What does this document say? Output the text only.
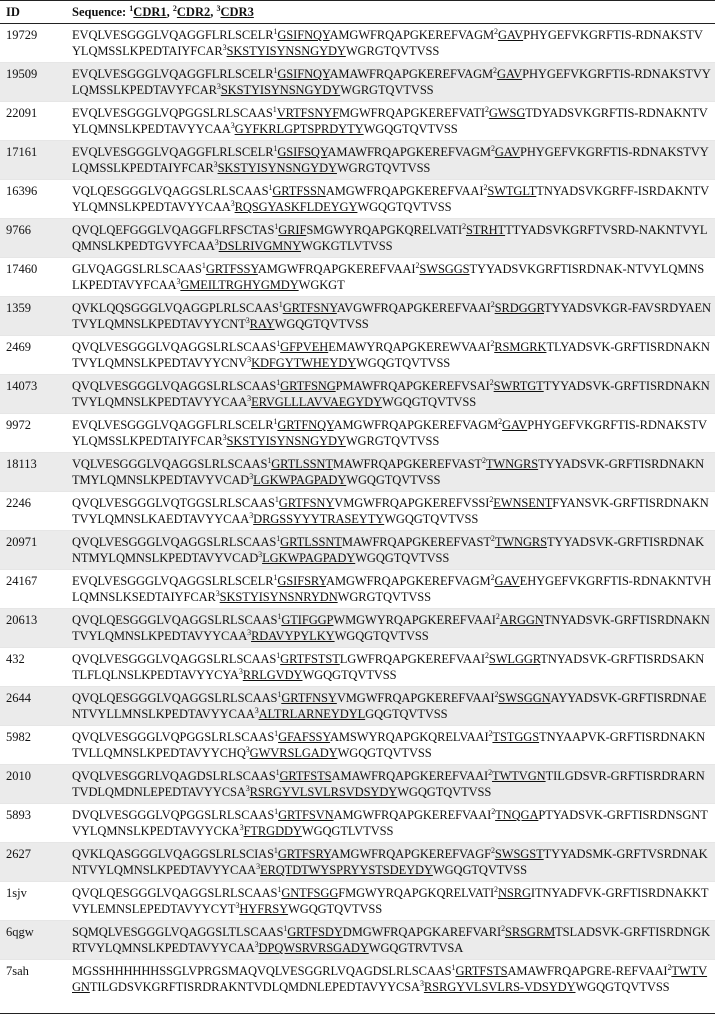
ID	Sequence: $^1$CDR1, $^2$CDR2, $^3$CDR3
19729	EVQLVESGGGLVQAGGFLRLSCELR$^1$GSIFNQYAMGWFRQAPGKEREFVAGM$^2$GAVPHYGEFVKGRFTIS-RDNAKSTVYLQMSSLKPEDTAIYFCAR$^3$SKSTYISYNSNGYDYWGRGTQVTVSS
19509	EVQLVESGGGLVQAGGFLRLSCELR$^1$GSIFNQYAMAWFRQAPGKEREFVAGM$^2$GAVPHYGEFVKGRFTIS-RDNAKSTVYLQMSSLKPEDTAVYFCAR$^3$SKSTYISYNSNGYDYWGRGTQVTVSS
22091	EVQLVESGGGLVQPGGSLRLSCAAS$^1$VRTFSNYFMGWFRQAPGKEREFVATI$^2$GWSGTDYADSVKGRFTIS-RDNAKNTVYLQMNSLKPEDTAVYYCAA$^3$GYFKRLGPTSPRDYTYWGQGTQVTVSS
17161	EVQLVESGGGLVQAGGFLRLSCELR$^1$GSIFSQYAMAWFRQAPGKEREFVAGM$^2$GAVPHYGEFVKGRFTIS-RDNAKSTVYLQMSSLKPEDTAIYFCAR$^3$SKSTYISYNSNGYDYWGRGTQVTVSS
16396	VQLQESGGGLVQAGGSLRLSCAAS$^1$GRTFSSNAMGWFRQAPGKEREFVAAI$^2$SWTGLTTNYADSVKGRFF-ISRDAKNTVYLQMNSLKPEDTAVYYCAA$^3$RQSGYASKFLDEYGYWGQGTQVTVSS
9766	QVQLQEFGGGLVQAGGFLRFSCTAS$^1$GRIFSMGWYRQAPGKQRELVATI$^2$STRHTTTYADSVKGRFTVSRD-NAKNTVYLQMNSLKPEDTGVYFCAA$^3$DSLRIVGMNYWGKGTLVTVSS
17460	GLVQAGGSLRLSCAAS$^1$GRTFSSYAMGWFRQAPGKEREFVAAI$^2$SWSGGSTYYADSVKGRFTISRDNAK-NTVYLQMNSLKPEDTAVYFCAA$^3$GMEILTRGHYGMDYWGKGT
1359	QVKLQQSGGGLVQAGGPLRLSCAAS$^1$GRTFSNYAVGWFRQAPGKEREFVAAI$^2$SRDGGRTYYADSVKGR-FAVSRDYAENTVYLQMNSLKPEDTAVYYCNT$^3$RAYWGQGTQVTVSS
2469	QVQLVESGGGLVQAGGSLRLSCAAS$^1$GFPVEHEMAWYRQAPGKEREWVAAI$^2$RSMGRKTLYADSVK-GRFTISRDNAKNTVYLQMNSLKPEDTAVYYCNV$^3$KDFGYTWHEYDYWGQGTQVTVSS
14073	QVQLVESGGGLVQAGGSLRLSCAAS$^1$GRTFSNGPMAWFRQAPGKEREFVSAI$^2$SWRTGTTYYADSVK-GRFTISRDNAKNTVYLQMNSLKPEDTAVYYCAA$^3$ERVGLLLAVVAEGYDYWGQGTQVTVSS
9972	EVQLVESGGGLVQAGGFLRLSCELR$^1$GRTFNQYAMGWFRQAPGKEREFVAGM$^2$GAVPHYGEFVKGRFTIS-RDNAKSTVYLQMSSLKPEDTAIYFCAR$^3$SKSTYISYNSNGYDYWGRGTQVTVSS
18113	VQLVESGGGLVQAGGSLRLSCAAS$^1$GRTLSSNTMAWFRQAPGKEREFVAST$^2$TWNGRSTYYADSVK-GRFTISRDNAKNTMYLQMNSLKPEDTAVYVCAD$^3$LGKWPAGPADYWGQGTQVTVSS
2246	QVQLVESGGGLVQTGGSLRLSCAAS$^1$GRTFSNYVMGWFRQAPGKEREFVSSI$^2$EWNSENTFYANSVK-GRFTISRDNAKNTVYLQMNSLKAEDTAVYYCAA$^3$DRGSSYYYTRASEYTYWGQGTQVTVSS
20971	QVQLVESGGGLVQAGGSLRLSCAAS$^1$GRTLSSNTMAWFRQAPGKEREFVAST$^2$TWNGRSTYYADSVK-GRFTISRDNAKNTMYLQMNSLKPEDTAVYVCAD$^3$LGKWPAGPADYWGQGTQVTVSS
24167	EVQLVESGGGLVQAGGSLRLSCELR$^1$GSIFSRYAMGWFRQAPGKEREFVAGM$^2$GAVEHYGEFVKGRFTIS-RDNAKNTVHLQMNSLKSEDTAIYFCAR$^3$SKSTYISYNSNRYDNWGRGTQVTVSS
20613	QVQLQESGGGLVQAGGSLRLSCAAS$^1$GTIFGGPWMGWYRQAPGKEREFVAAI$^2$ARGGNTNYADSVK-GRFTISRDNAKNTVYLQMNSLKPEDTAVYYCAA$^3$RDAVYPYLKYWGQGTQVTVSS
432	QVQLVESGGGLVQAGGSLRLSCAAS$^1$GRTFSTSTLGWFRQAPGKEREFVAAI$^2$SWLGGRTNYADSVK-GRFTISRDSAKNTLFLQLNSLKPEDTAVYYCYA$^3$RRLGVDYWGQGTQVTVSS
2644	QVQLQESGGGLVQAGGSLRLSCAAS$^1$GRTFNSYVMGWFRQAPGKEREFVAAI$^2$SWSGGNAYYADSVK-GRFTISRDNAENTVYLLMNSLKPEDTAVYYCAA$^3$ALTRLARNEYDYLGQGTQVTVSS
5982	QVQLVESGGGLVQPGGSLRLSCAAS$^1$GFAFSSYAMSWYRQAPGKQRELVAAI$^2$TSTGGSTNYAAPVK-GRFTISRDNAKNTVLLQMNSLKPEDTAVYYCHQ$^3$GWVRSLGADYWGQGTQVTVSS
2010	QVQLVESGGRLVQAGDSLRLSCAAS$^1$GRTFSTSAMAWFRQAPGKEREFVAAI$^2$TWTVGNTILGDSVR-GRFTISRDRARNTVDLQMDNLEPEDTAVYYCSA$^3$RSRGYVLSVLRSVDSYDYWGQGTQVTVSS
5893	DVQLVESGGGLVQPGGSLRLSCAAS$^1$GRTFSVNAMGWFRQAPGKEREFVAAI$^2$TNQGAPTYADSVK-GRFTISRDNSGNTVYLQMNSLKPEDTAVYYCKA$^3$FTRGDDYWGQGTLVTVSS
2627	QVKLQASGGGLVQAGGSLRLSCIAS$^1$GRTFSRYAMGWFRQAPGKEREFVAGF$^2$SWSGSTTYYADSMK-GRFTVSRDNAKNTVYLQMNSLKPEDTAVYYCAA$^3$ERQTDTWYSPRYYSTSDEYDYWGQGTQVTVSS
1sjv	QVQLQESGGGLVQAGGSLRLSCAAS$^1$GNTFSGGFMGWYRQAPGKQRELVATI$^2$NSRGITNYADFVK-GRFTISRDNAKKTVYLEMNSLEPEDTAVYYCYT$^3$HYFRSYWGQGTQVTVSS
6qgw	SQMQLVESGGGLVQAGGSLTLSCAAS$^1$GRTFSDYDMGWFRQAPGKAREFVARI$^2$SRSGRMTSLADSVK-GRFTISRDNGKRTVYLQMNSLKPEDTAVYYCAA$^3$DPQWSRVRSGADYWGQGTRVTVSA
7sah	MGSSHHHHHHSSGLVPRGSMAQVQLVESGGRLVQAGDSLRLSCAAS$^1$GRTFSTSAMAWFRQAPGRE-REFVAAI$^2$TWTVGNTILGDSVKGRFTISRDRAKNTVDLQMDNLEPEDTAVYYC$SA^3RSRGYVLSVLRS$-VDSYDYWGQGTQVTVSS
